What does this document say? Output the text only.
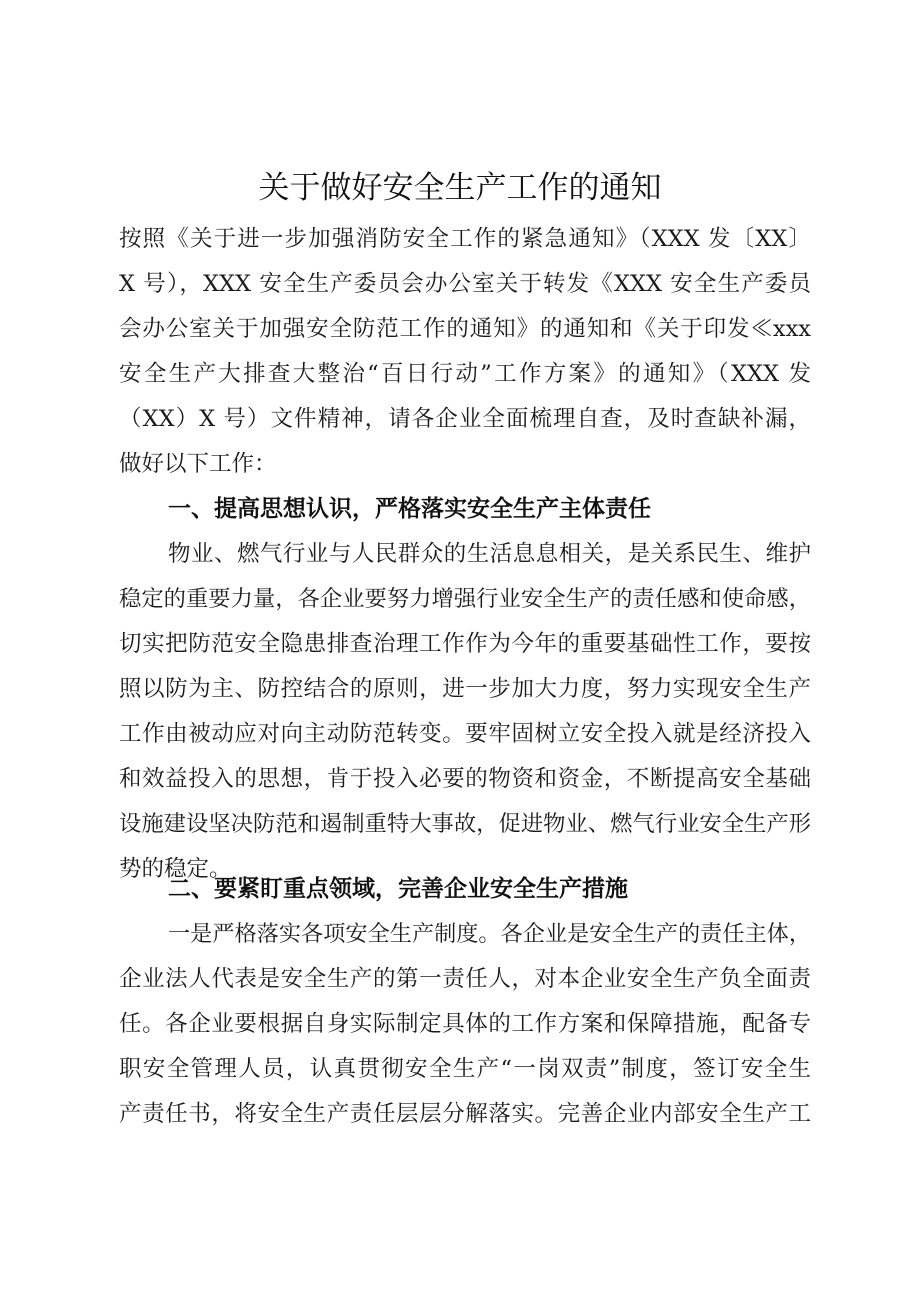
关于做好安全生产工作的通知

按照《关于进一步加强消防安全工作的紧急通知》（XXX 发〔XX〕

X 号），XXX 安全生产委员会办公室关于转发《XXX 安全生产委员

会办公室关于加强安全防范工作的通知》的通知和《关于印发≪xxx

安全生产大排查大整治“百日行动”工作方案》的通知》（XXX 发

（XX）X 号）文件精神，请各企业全面梳理自查，及时查缺补漏，

做好以下工作：

一、提高思想认识，严格落实安全生产主体责任

物业、燃气行业与人民群众的生活息息相关，是关系民生、维护

稳定的重要力量，各企业要努力增强行业安全生产的责任感和使命感，

切实把防范安全隐患排查治理工作作为今年的重要基础性工作，要按

照以防为主、防控结合的原则，进一步加大力度，努力实现安全生产

工作由被动应对向主动防范转变。要牢固树立安全投入就是经济投入

和效益投入的思想，肯于投入必要的物资和资金，不断提高安全基础

设施建设坚决防范和遏制重特大事故，促进物业、燃气行业安全生产形

势的稳定。

二、要紧盯重点领域，完善企业安全生产措施

一是严格落实各项安全生产制度。各企业是安全生产的责任主体，

企业法人代表是安全生产的第一责任人，对本企业安全生产负全面责

任。各企业要根据自身实际制定具体的工作方案和保障措施，配备专

职安全管理人员，认真贯彻安全生产“一岗双责”制度，签订安全生

产责任书，将安全生产责任层层分解落实。完善企业内部安全生产工
